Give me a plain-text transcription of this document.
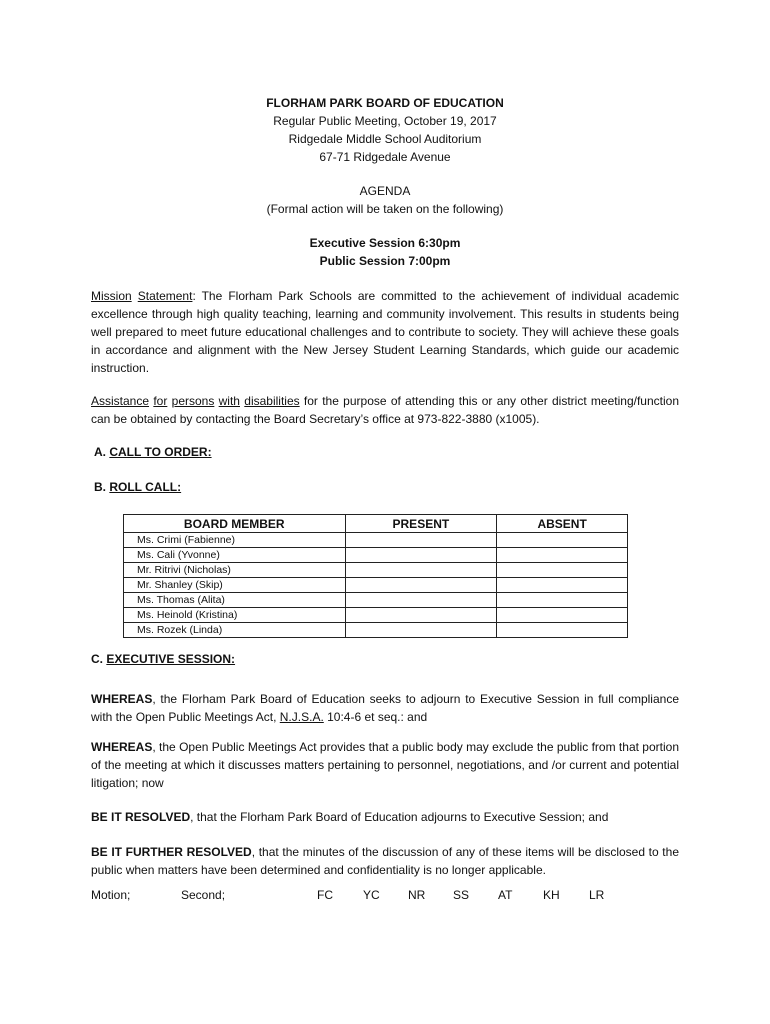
FLORHAM PARK BOARD OF EDUCATION
Regular Public Meeting, October 19, 2017
Ridgedale Middle School Auditorium
67-71 Ridgedale Avenue
AGENDA
(Formal action will be taken on the following)
Executive Session 6:30pm
Public Session 7:00pm
Mission Statement: The Florham Park Schools are committed to the achievement of individual academic excellence through high quality teaching, learning and community involvement. This results in students being well prepared to meet future educational challenges and to contribute to society. They will achieve these goals in accordance and alignment with the New Jersey Student Learning Standards, which guide our academic instruction.
Assistance for persons with disabilities for the purpose of attending this or any other district meeting/function can be obtained by contacting the Board Secretary’s office at 973-822-3880 (x1005).
A. CALL TO ORDER:
B. ROLL CALL:
BOARD MEMBER	PRESENT	ABSENT
Ms. Crimi (Fabienne)		
Ms. Cali (Yvonne)		
Mr. Ritrivi (Nicholas)		
Mr. Shanley (Skip)		
Ms. Thomas (Alita)		
Ms. Heinold (Kristina)		
Ms. Rozek (Linda)		
C. EXECUTIVE SESSION:
WHEREAS, the Florham Park Board of Education seeks to adjourn to Executive Session in full compliance with the Open Public Meetings Act, N.J.S.A. 10:4-6 et seq.: and
WHEREAS, the Open Public Meetings Act provides that a public body may exclude the public from that portion of the meeting at which it discusses matters pertaining to personnel, negotiations, and /or current and potential litigation; now
BE IT RESOLVED, that the Florham Park Board of Education adjourns to Executive Session; and
BE IT FURTHER RESOLVED, that the minutes of the discussion of any of these items will be disclosed to the public when matters have been determined and confidentiality is no longer applicable.
Motion;	Second;	FC	YC NR SS AT	KH LR
